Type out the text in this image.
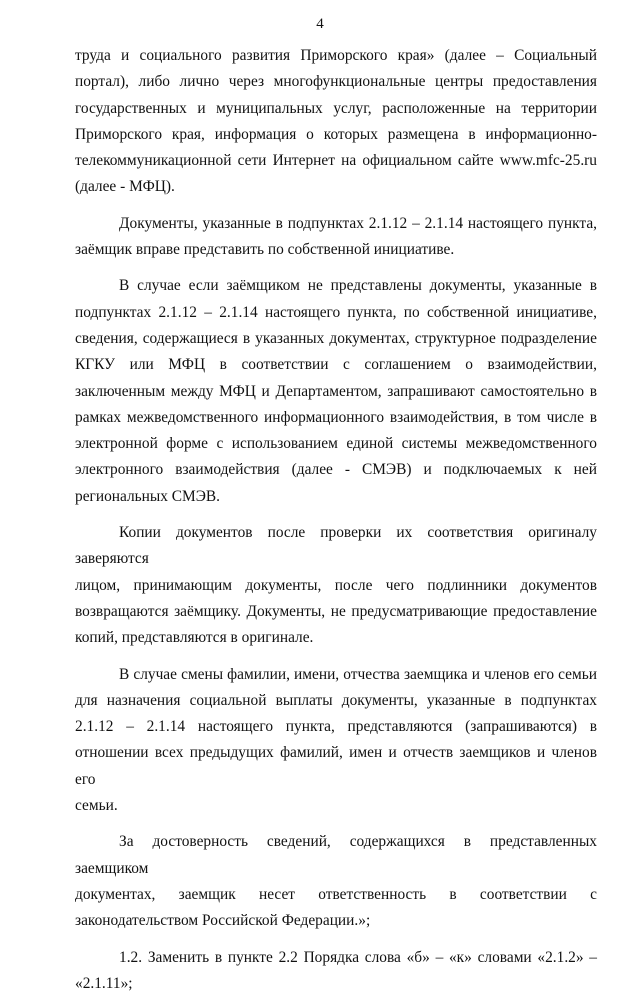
4
труда и социального развития Приморского края» (далее – Социальный
портал), либо лично через многофункциональные центры предоставления
государственных и муниципальных услуг, расположенные на территории
Приморского края, информация о которых размещена в информационно-
телекоммуникационной сети Интернет на официальном сайте www.mfc-25.ru
(далее - МФЦ).
Документы, указанные в подпунктах 2.1.12 – 2.1.14 настоящего пункта,
заёмщик вправе представить по собственной инициативе.
В случае если заёмщиком не представлены документы, указанные в
подпунктах 2.1.12 – 2.1.14 настоящего пункта, по собственной инициативе,
сведения, содержащиеся в указанных документах, структурное подразделение
КГКУ или МФЦ в соответствии с соглашением о взаимодействии,
заключенным между МФЦ и Департаментом, запрашивают самостоятельно в
рамках межведомственного информационного взаимодействия, в том числе в
электронной форме с использованием единой системы межведомственного
электронного взаимодействия (далее - СМЭВ) и подключаемых к ней
региональных СМЭВ.
Копии документов после проверки их соответствия оригиналу заверяются
лицом, принимающим документы, после чего подлинники документов
возвращаются заёмщику. Документы, не предусматривающие предоставление
копий, представляются в оригинале.
В случае смены фамилии, имени, отчества заемщика и членов его семьи
для назначения социальной выплаты документы, указанные в подпунктах
2.1.12 – 2.1.14 настоящего пункта, представляются (запрашиваются) в
отношении всех предыдущих фамилий, имен и отчеств заемщиков и членов его
семьи.
За достоверность сведений, содержащихся в представленных заемщиком
документах, заемщик несет ответственность в соответствии с
законодательством Российской Федерации.»;
1.2. Заменить в пункте 2.2 Порядка слова «б» – «к» словами «2.1.2» –
«2.1.11»;
